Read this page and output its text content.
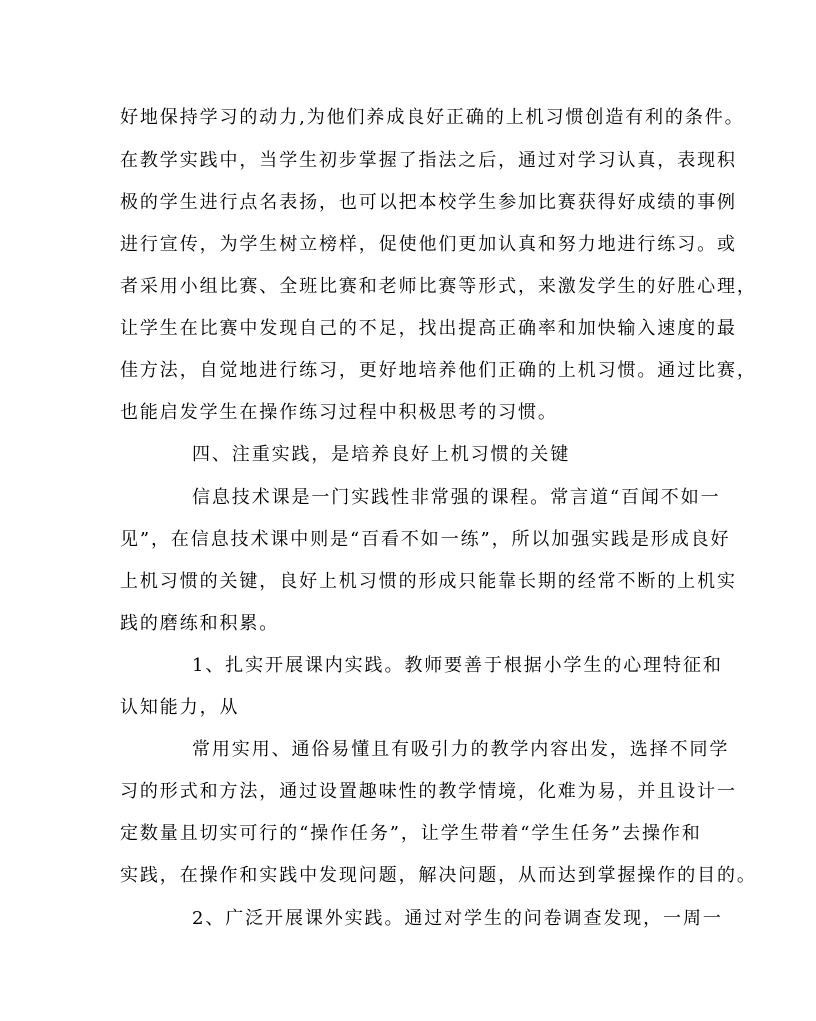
好地保持学习的动力,为他们养成良好正确的上机习惯创造有利的条件。
在教学实践中，当学生初步掌握了指法之后，通过对学习认真，表现积
极的学生进行点名表扬，也可以把本校学生参加比赛获得好成绩的事例
进行宣传，为学生树立榜样，促使他们更加认真和努力地进行练习。或
者采用小组比赛、全班比赛和老师比赛等形式，来激发学生的好胜心理，
让学生在比赛中发现自己的不足，找出提高正确率和加快输入速度的最
佳方法，自觉地进行练习，更好地培养他们正确的上机习惯。通过比赛，
也能启发学生在操作练习过程中积极思考的习惯。
四、注重实践，是培养良好上机习惯的关键
信息技术课是一门实践性非常强的课程。常言道“百闻不如一
见”，在信息技术课中则是“百看不如一练”，所以加强实践是形成良好
上机习惯的关键，良好上机习惯的形成只能靠长期的经常不断的上机实
践的磨练和积累。
1、扎实开展课内实践。教师要善于根据小学生的心理特征和
认知能力，从
常用实用、通俗易懂且有吸引力的教学内容出发，选择不同学
习的形式和方法，通过设置趣味性的教学情境，化难为易，并且设计一
定数量且切实可行的“操作任务”，让学生带着“学生任务”去操作和
实践，在操作和实践中发现问题，解决问题，从而达到掌握操作的目的。
2、广泛开展课外实践。通过对学生的问卷调查发现，一周一
